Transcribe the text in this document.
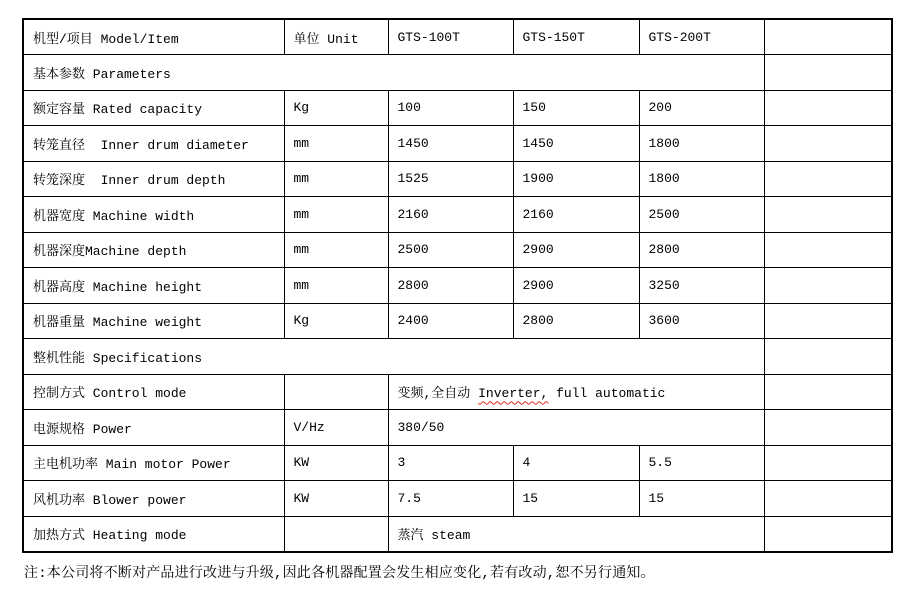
机型/项目 Model/Item	单位 Unit	GTS-100T	GTS-150T	GTS-200T	
基本参数 Parameters					
额定容量 Rated capacity	Kg	100	150	200	
转笼直径  Inner drum diameter	mm	1450	1450	1800	
转笼深度  Inner drum depth	mm	1525	1900	1800	
机器宽度 Machine width	mm	2160	2160	2500	
机器深度Machine depth	mm	2500	2900	2800	
机器高度 Machine height	mm	2800	2900	3250	
机器重量 Machine weight	Kg	2400	2800	3600	
整机性能 Specifications					
控制方式 Control mode		变频,全自动 Inverter, full automatic			
电源规格 Power	V/Hz	380/50			
主电机功率 Main motor Power	KW	3	4	5.5	
风机功率 Blower power	KW	7.5	15	15	
加热方式 Heating mode		蒸汽 steam			
注:本公司将不断对产品进行改进与升级,因此各机器配置会发生相应变化,若有改动,恕不另行通知。
